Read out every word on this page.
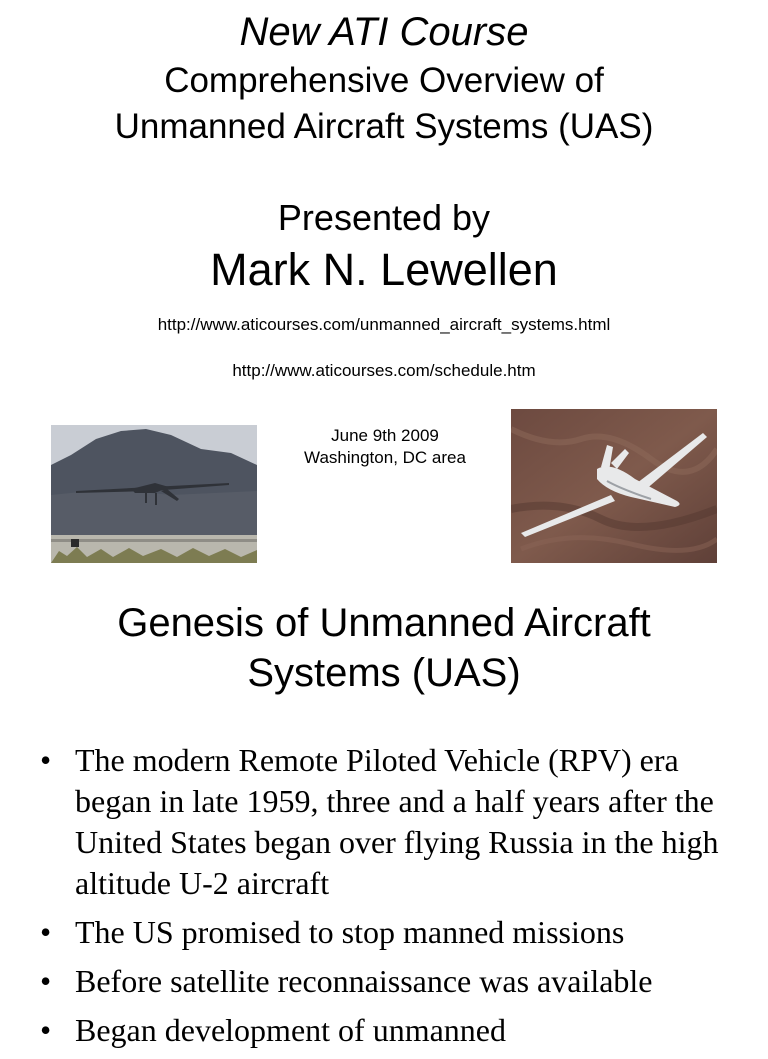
New ATI Course
Comprehensive Overview of
Unmanned Aircraft Systems (UAS)
Presented by
Mark N. Lewellen
http://www.aticourses.com/unmanned_aircraft_systems.html
http://www.aticourses.com/schedule.htm
June 9th 2009
Washington, DC area
Genesis of Unmanned Aircraft
Systems (UAS)
• The modern Remote Piloted Vehicle (RPV) era began in late 1959, three and a half years after the United States began over flying Russia in the high altitude U-2 aircraft
• The US promised to stop manned missions
• Before satellite reconnaissance was available
• Began development of unmanned
